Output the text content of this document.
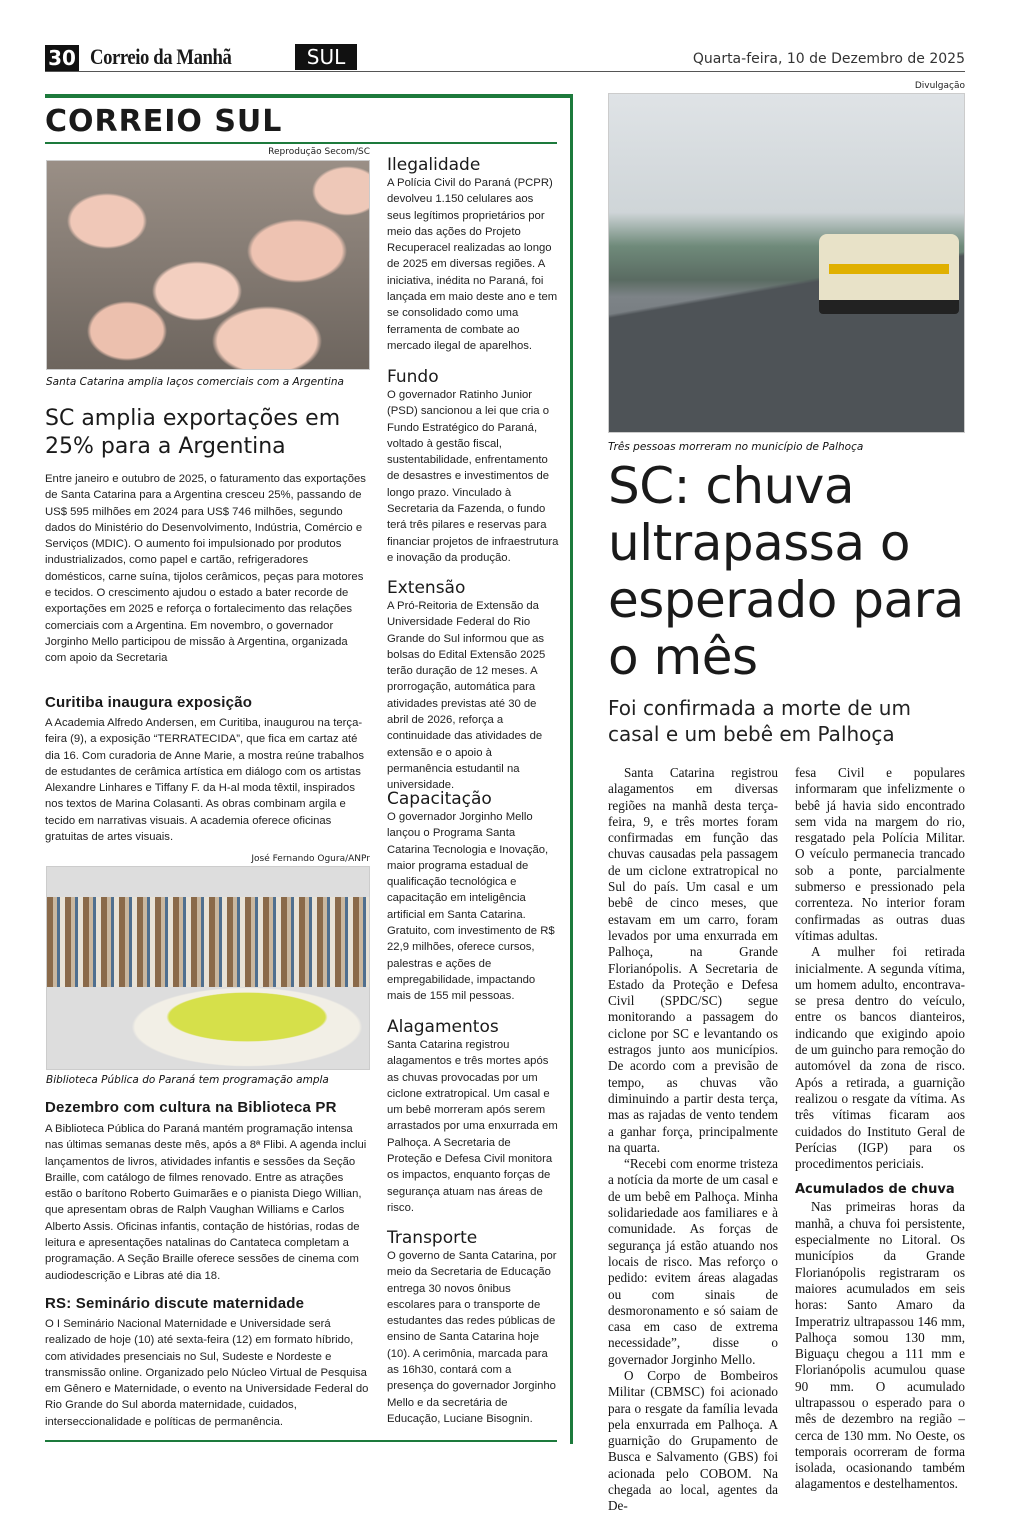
30 Correio da Manhã	SUL	Quarta-feira, 10 de Dezembro de 2025
CORREIO SUL
Reprodução Secom/SC
Santa Catarina amplia laços comerciais com a Argentina
SC amplia exportações em 25% para a Argentina

Entre janeiro e outubro de 2025, o faturamento das exportações de Santa Catarina para a Argentina cresceu 25%, passando de US$ 595 milhões em 2024 para US$ 746 milhões, segundo dados do Ministério do Desenvolvimento, Indústria, Comércio e Serviços (MDIC). O aumento foi impulsionado por produtos industrializados, como papel e cartão, refrigeradores domésticos, carne suína, tijolos cerâmicos, peças para motores e tecidos. O crescimento ajudou o estado a bater recorde de exportações em 2025 e reforça o fortalecimento das relações comerciais com a Argentina. Em novembro, o governador Jorginho Mello participou de missão à Argentina, organizada com apoio da Secretaria

Curitiba inaugura exposição

A Academia Alfredo Andersen, em Curitiba, inaugurou na terça-feira (9), a exposição “TERRATECIDA”, que fica em cartaz até dia 16. Com curadoria de Anne Marie, a mostra reúne trabalhos de estudantes de cerâmica artística em diálogo com os artistas Alexandre Linhares e Tiffany F. da H-al moda têxtil, inspirados nos textos de Marina Colasanti. As obras combinam argila e tecido em narrativas visuais. A academia oferece oficinas gratuitas de artes visuais.

José Fernando Ogura/ANPr
Biblioteca Pública do Paraná tem programação ampla
Dezembro com cultura na Biblioteca PR

A Biblioteca Pública do Paraná mantém programação intensa nas últimas semanas deste mês, após a 8ª Flibi. A agenda inclui lançamentos de livros, atividades infantis e sessões da Seção Braille, com catálogo de filmes renovado. Entre as atrações estão o barítono Roberto Guimarães e o pianista Diego Willian, que apresentam obras de Ralph Vaughan Williams e Carlos Alberto Assis. Oficinas infantis, contação de histórias, rodas de leitura e apresentações natalinas do Cantateca completam a programação. A Seção Braille oferece sessões de cinema com audiodescrição e Libras até dia 18.

RS: Seminário discute maternidade

O I Seminário Nacional Maternidade e Universidade será realizado de hoje (10) até sexta-feira (12) em formato híbrido, com atividades presenciais no Sul, Sudeste e Nordeste e transmissão online. Organizado pelo Núcleo Virtual de Pesquisa em Gênero e Maternidade, o evento na Universidade Federal do Rio Grande do Sul aborda maternidade, cuidados, interseccionalidade e políticas de permanência.

Ilegalidade

A Polícia Civil do Paraná (PCPR) devolveu 1.150 celulares aos seus legítimos proprietários por meio das ações do Projeto Recuperacel realizadas ao longo de 2025 em diversas regiões. A iniciativa, inédita no Paraná, foi lançada em maio deste ano e tem se consolidado como uma ferramenta de combate ao mercado ilegal de aparelhos.

Fundo

O governador Ratinho Junior (PSD) sancionou a lei que cria o Fundo Estratégico do Paraná, voltado à gestão fiscal, sustentabilidade, enfrentamento de desastres e investimentos de longo prazo. Vinculado à Secretaria da Fazenda, o fundo terá três pilares e reservas para financiar projetos de infraestrutura e inovação da produção.

Extensão

A Pró-Reitoria de Extensão da Universidade Federal do Rio Grande do Sul informou que as bolsas do Edital Extensão 2025 terão duração de 12 meses. A prorrogação, automática para atividades previstas até 30 de abril de 2026, reforça a continuidade das atividades de extensão e o apoio à permanência estudantil na universidade.

Capacitação

O governador Jorginho Mello lançou o Programa Santa Catarina Tecnologia e Inovação, maior programa estadual de qualificação tecnológica e capacitação em inteligência artificial em Santa Catarina. Gratuito, com investimento de R$ 22,9 milhões, oferece cursos, palestras e ações de empregabilidade, impactando mais de 155 mil pessoas.

Alagamentos

Santa Catarina registrou alagamentos e três mortes após as chuvas provocadas por um ciclone extratropical. Um casal e um bebê morreram após serem arrastados por uma enxurrada em Palhoça. A Secretaria de Proteção e Defesa Civil monitora os impactos, enquanto forças de segurança atuam nas áreas de risco.

Transporte

O governo de Santa Catarina, por meio da Secretaria de Educação entrega 30 novos ônibus escolares para o transporte de estudantes das redes públicas de ensino de Santa Catarina hoje (10). A cerimônia, marcada para as 16h30, contará com a presença do governador Jorginho Mello e da secretária de Educação, Luciane Bisognin.

Divulgação
Três pessoas morreram no município de Palhoça
SC: chuva ultrapassa o esperado para o mês
Foi confirmada a morte de um casal e um bebê em Palhoça

Santa Catarina registrou alagamentos em diversas regiões na manhã desta terça-feira, 9, e três mortes foram confirmadas em função das chuvas causadas pela passagem de um ciclone extratropical no Sul do país. Um casal e um bebê de cinco meses, que estavam em um carro, foram levados por uma enxurrada em Palhoça, na Grande Florianópolis. A Secretaria de Estado da Proteção e Defesa Civil (SPDC/SC) segue monitorando a passagem do ciclone por SC e levantando os estragos junto aos municípios. De acordo com a previsão de tempo, as chuvas vão diminuindo a partir desta terça, mas as rajadas de vento tendem a ganhar força, principalmente na quarta.

“Recebi com enorme tristeza a notícia da morte de um casal e de um bebê em Palhoça. Minha solidariedade aos familiares e à comunidade. As forças de segurança já estão atuando nos locais de risco. Mas reforço o pedido: evitem áreas alagadas ou com sinais de desmoronamento e só saiam de casa em caso de extrema necessidade”, disse o governador Jorginho Mello.

O Corpo de Bombeiros Militar (CBMSC) foi acionado para o resgate da família levada pela enxurrada em Palhoça. A guarnição do Grupamento de Busca e Salvamento (GBS) foi acionada pelo COBOM. Na chegada ao local, agentes da De-

fesa Civil e populares informaram que infelizmente o bebê já havia sido encontrado sem vida na margem do rio, resgatado pela Polícia Militar. O veículo permanecia trancado sob a ponte, parcialmente submerso e pressionado pela correnteza. No interior foram confirmadas as outras duas vítimas adultas.

A mulher foi retirada inicialmente. A segunda vítima, um homem adulto, encontrava-se presa dentro do veículo, entre os bancos dianteiros, indicando que exigindo apoio de um guincho para remoção do automóvel da zona de risco. Após a retirada, a guarnição realizou o resgate da vítima. As três vítimas ficaram aos cuidados do Instituto Geral de Perícias (IGP) para os procedimentos periciais.

Acumulados de chuva

Nas primeiras horas da manhã, a chuva foi persistente, especialmente no Litoral. Os municípios da Grande Florianópolis registraram os maiores acumulados em seis horas: Santo Amaro da Imperatriz ultrapassou 146 mm, Palhoça somou 130 mm, Biguaçu chegou a 111 mm e Florianópolis acumulou quase 90 mm. O acumulado ultrapassou o esperado para o mês de dezembro na região – cerca de 130 mm. No Oeste, os temporais ocorreram de forma isolada, ocasionando também alagamentos e destelhamentos.
